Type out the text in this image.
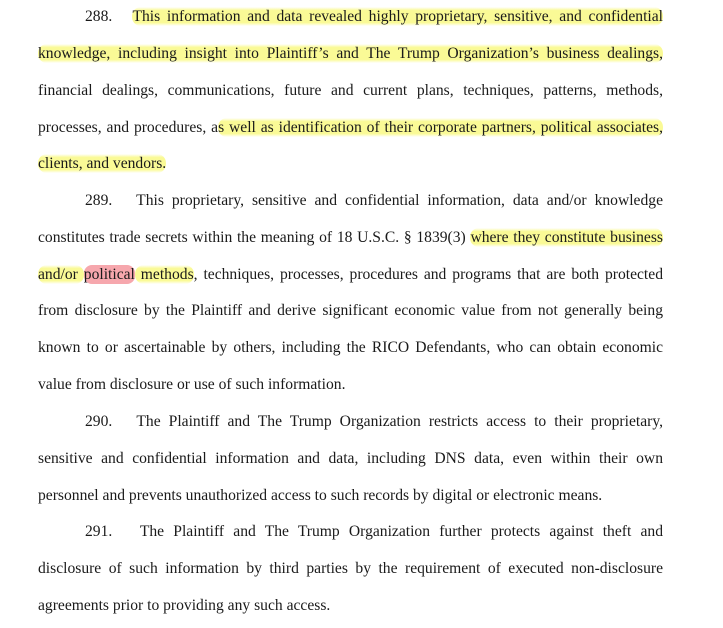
288. This information and data revealed highly proprietary, sensitive, and confidential
knowledge, including insight into Plaintiff’s and The Trump Organization’s business dealings,
financial dealings, communications, future and current plans, techniques, patterns, methods,
processes, and procedures, as well as identification of their corporate partners, political associates,
clients, and vendors.
289. This proprietary, sensitive and confidential information, data and/or knowledge
constitutes trade secrets within the meaning of 18 U.S.C. § 1839(3) where they constitute business
and/or political methods, techniques, processes, procedures and programs that are both protected
from disclosure by the Plaintiff and derive significant economic value from not generally being
known to or ascertainable by others, including the RICO Defendants, who can obtain economic
value from disclosure or use of such information.
290. The Plaintiff and The Trump Organization restricts access to their proprietary,
sensitive and confidential information and data, including DNS data, even within their own
personnel and prevents unauthorized access to such records by digital or electronic means.
291. The Plaintiff and The Trump Organization further protects against theft and
disclosure of such information by third parties by the requirement of executed non-disclosure
agreements prior to providing any such access.
